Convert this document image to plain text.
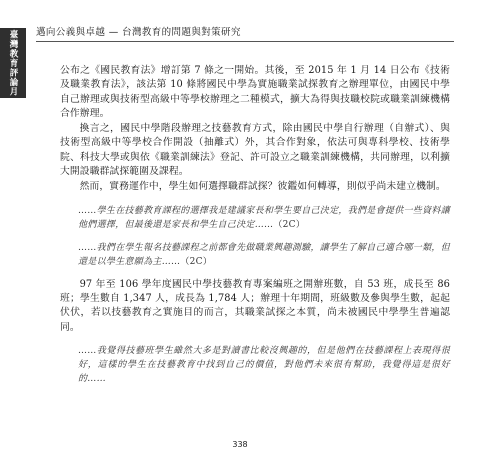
臺灣教育評論月
邁向公義與卓越 — 台灣教育的問題與對策研究

公布之《國民教育法》增訂第 7 條之一開始。其後，至 2015 年 1 月 14 日公布《技術及職業教育法》，該法第 10 條將國民中學為實施職業試探教育之辦理單位，由國民中學自己辦理或與技術型高級中等學校辦理之二種模式，擴大為得與技職校院或職業訓練機構合作辦理。

換言之，國民中學階段辦理之技藝教育方式，除由國民中學自行辦理（自辦式）、與技術型高級中等學校合作開設（抽離式）外，其合作對象，依法可與專科學校、技術學院、科技大學或與依《職業訓練法》登記、許可設立之職業訓練機構，共同辦理，以利擴大開設職群試探範圍及課程。

然而，實務運作中，學生如何選擇職群試探？彼鑑如何轉導，則似乎尚未建立機制。

……學生在技藝教育課程的選擇我是建議家長和學生要自己決定，我們是會提供一些資料讓他們選擇，但最後還是家長和學生自己決定……（2C）
……我們在學生報名技藝課程之前都會先做職業興趣測驗，讓學生了解自己適合哪一類，但還是以學生意願為主……（2C）

97 年至 106 學年度國民中學技藝教育專案編班之開辦班數，自 53 班，成長至 86 班；學生數自 1,347 人，成長為 1,784 人；辦理十年期間，班級數及參與學生數，起起伏伏，若以技藝教育之實施目的而言，其職業試探之本質，尚未被國民中學學生普遍認同。

……我覺得技藝班學生雖然大多是對讀書比較沒興趣的，但是他們在技藝課程上表現得很好，這樣的學生在技藝教育中找到自己的價值，對他們未來很有幫助，我覺得這是很好的……
338
